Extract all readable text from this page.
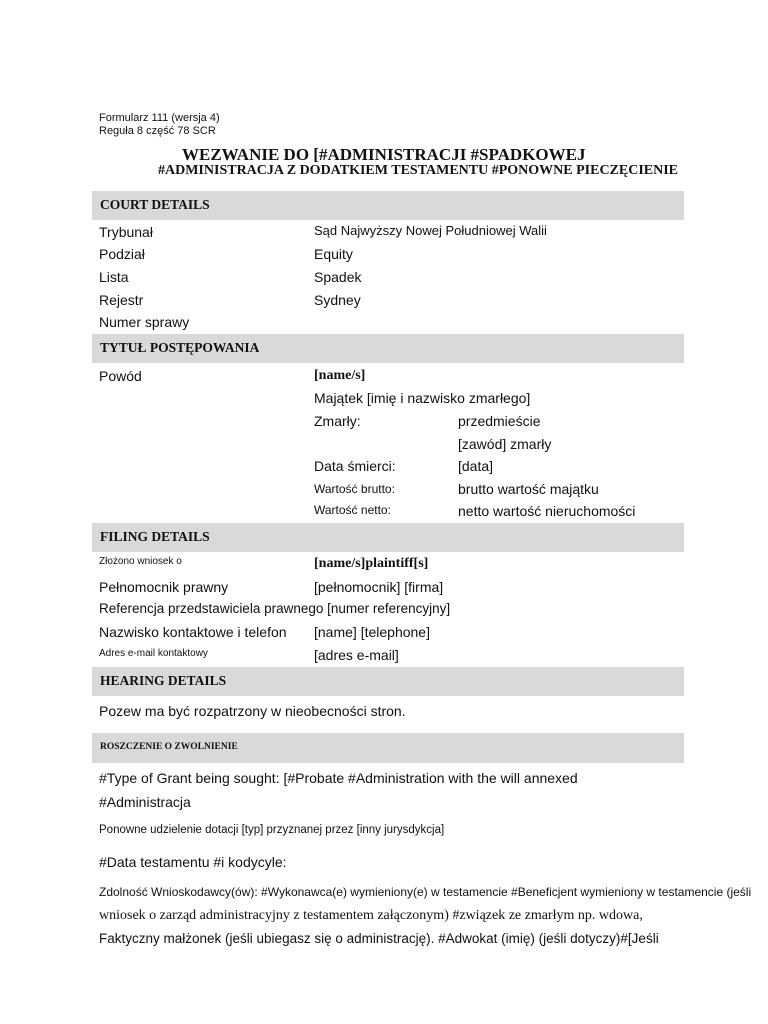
Formularz 111 (wersja 4)
Reguła 8 część 78 SCR
WEZWANIE DO [#ADMINISTRACJI #SPADKOWEJ
#ADMINISTRACJA Z DODATKIEM TESTAMENTU #PONOWNE PIECZĘCIENIE
COURT DETAILS
Trybunał	Sąd Najwyższy Nowej Południowej Walii
Podział	Equity
Lista	Spadek
Rejestr	Sydney
Numer sprawy
TYTUŁ POSTĘPOWANIA
Powód	[name/s]
Majątek [imię i nazwisko zmarłego]
Zmarły:	przedmieście
[zawód] zmarły
Data śmierci:	[data]
Wartość brutto:	brutto wartość majątku
Wartość netto:	netto wartość nieruchomości
FILING DETAILS
Złożono wniosek o	[name/s]plaintiff[s]
Pełnomocnik prawny	[pełnomocnik] [firma]
Referencja przedstawiciela prawnego [numer referencyjny]
Nazwisko kontaktowe i telefon [name] [telephone]
Adres e-mail kontaktowy	[adres e-mail]
HEARING DETAILS
Pozew ma być rozpatrzony w nieobecności stron.
ROSZCZENIE O ZWOLNIENIE
#Type of Grant being sought: [#Probate #Administration with the will annexed
#Administracja
Ponowne udzielenie dotacji [typ] przyznanej przez [inny jurysdykcja]
#Data testamentu #i kodycyle:
Zdolność Wnioskodawcy(ów): #Wykonawca(e) wymieniony(e) w testamencie #Beneficjent wymieniony w testamencie (jeśli
wniosek o zarząd administracyjny z testamentem załączonym) #związek ze zmarłym np. wdowa,
Faktyczny małżonek (jeśli ubiegasz się o administrację). #Adwokat (imię) (jeśli dotyczy)#[Jeśli
